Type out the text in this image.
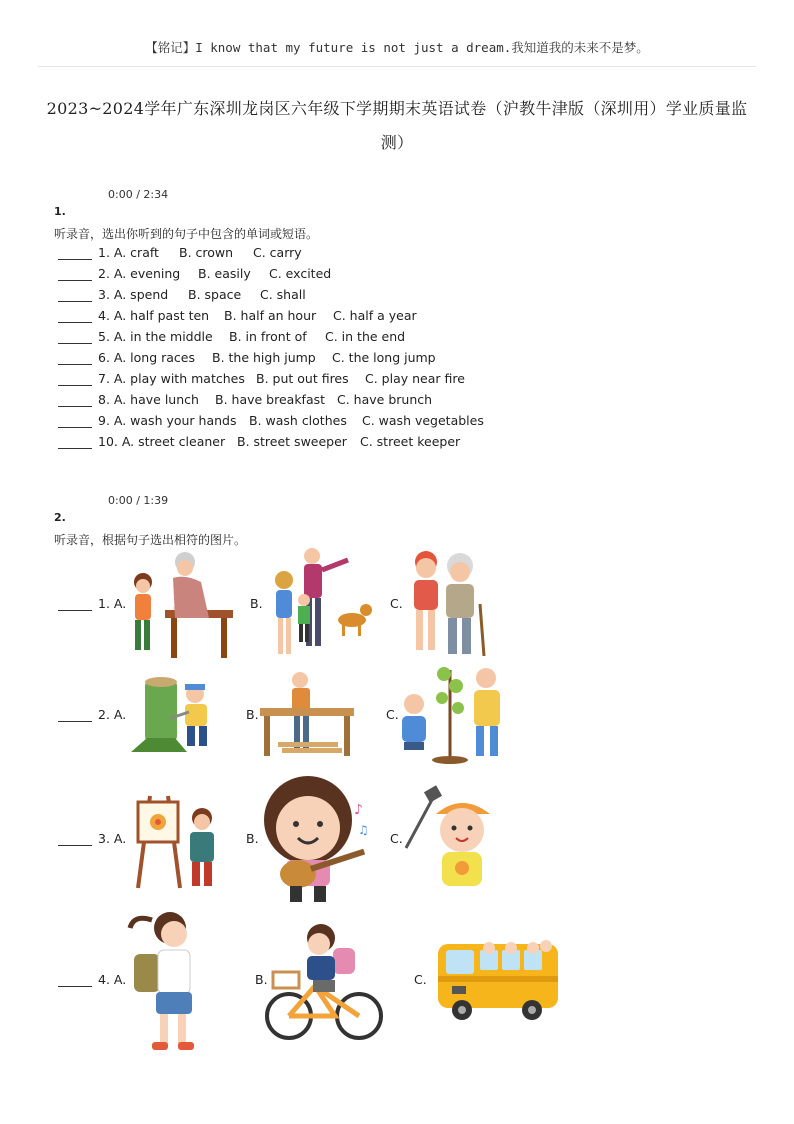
【铭记】I know that my future is not just a dream.我知道我的未来不是梦。
2023~2024学年广东深圳龙岗区六年级下学期期末英语试卷（沪教牛津版（深圳用）学业质量监
测）
0:00 / 2:34
1.
听录音，选出你听到的句子中包含的单词或短语。
1. A. craft B. crown C. carry
2. A. evening B. easily C. excited
3. A. spend B. space C. shall
4. A. half past ten B. half an hour C. half a year
5. A. in the middle B. in front of C. in the end
6. A. long races B. the high jump C. the long jump
7. A. play with matches B. put out fires C. play near fire
8. A. have lunch B. have breakfast C. have brunch
9. A. wash your hands B. wash clothes C. wash vegetables
10. A. street cleaner B. street sweeper C. street keeper
0:00 / 1:39
2.
听录音，根据句子选出相符的图片。
1. A.	B.	C.
2. A.	B.	C.
3. A.	B.	C.
♪
♫
4. A.	B.	C.
